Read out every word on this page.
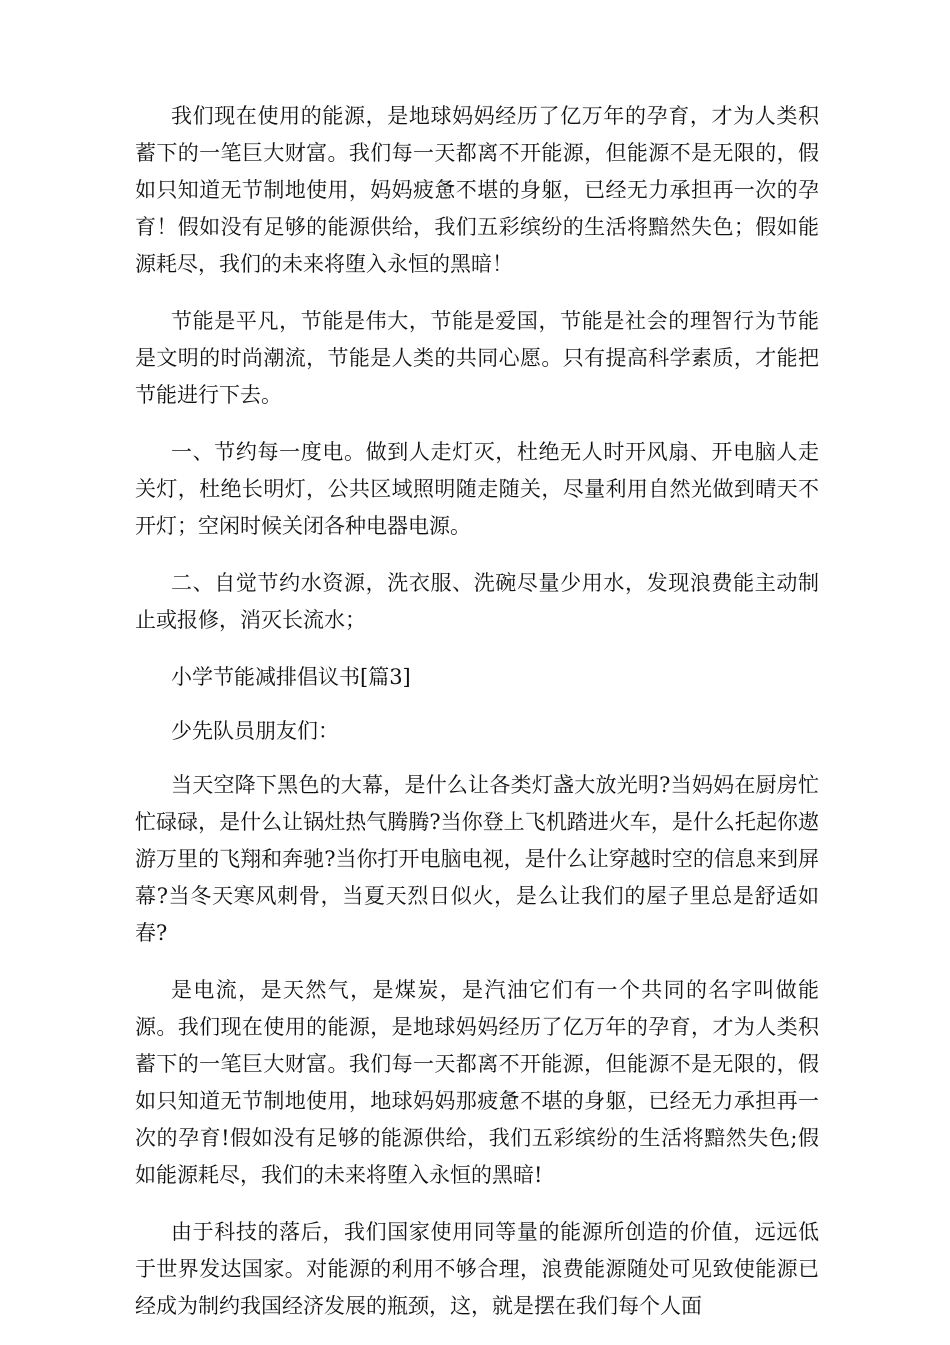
我们现在使用的能源，是地球妈妈经历了亿万年的孕育，才为人类积蓄下的一笔巨大财富。我们每一天都离不开能源，但能源不是无限的，假如只知道无节制地使用，妈妈疲惫不堪的身躯，已经无力承担再一次的孕育！假如没有足够的能源供给，我们五彩缤纷的生活将黯然失色；假如能源耗尽，我们的未来将堕入永恒的黑暗！

节能是平凡，节能是伟大，节能是爱国，节能是社会的理智行为节能是文明的时尚潮流，节能是人类的共同心愿。只有提高科学素质，才能把节能进行下去。

一、节约每一度电。做到人走灯灭，杜绝无人时开风扇、开电脑人走关灯，杜绝长明灯，公共区域照明随走随关，尽量利用自然光做到晴天不开灯；空闲时候关闭各种电器电源。

二、自觉节约水资源，洗衣服、洗碗尽量少用水，发现浪费能主动制止或报修，消灭长流水；

小学节能减排倡议书[篇3]

少先队员朋友们：

当天空降下黑色的大幕，是什么让各类灯盏大放光明?当妈妈在厨房忙忙碌碌，是什么让锅灶热气腾腾?当你登上飞机踏进火车，是什么托起你遨游万里的飞翔和奔驰?当你打开电脑电视，是什么让穿越时空的信息来到屏幕?当冬天寒风刺骨，当夏天烈日似火，是么让我们的屋子里总是舒适如春?

是电流，是天然气，是煤炭，是汽油它们有一个共同的名字叫做能源。我们现在使用的能源，是地球妈妈经历了亿万年的孕育，才为人类积蓄下的一笔巨大财富。我们每一天都离不开能源，但能源不是无限的，假如只知道无节制地使用，地球妈妈那疲惫不堪的身躯，已经无力承担再一次的孕育!假如没有足够的能源供给，我们五彩缤纷的生活将黯然失色;假如能源耗尽，我们的未来将堕入永恒的黑暗!

由于科技的落后，我们国家使用同等量的能源所创造的价值，远远低于世界发达国家。对能源的利用不够合理，浪费能源随处可见致使能源已经成为制约我国经济发展的瓶颈，这，就是摆在我们每个人面
